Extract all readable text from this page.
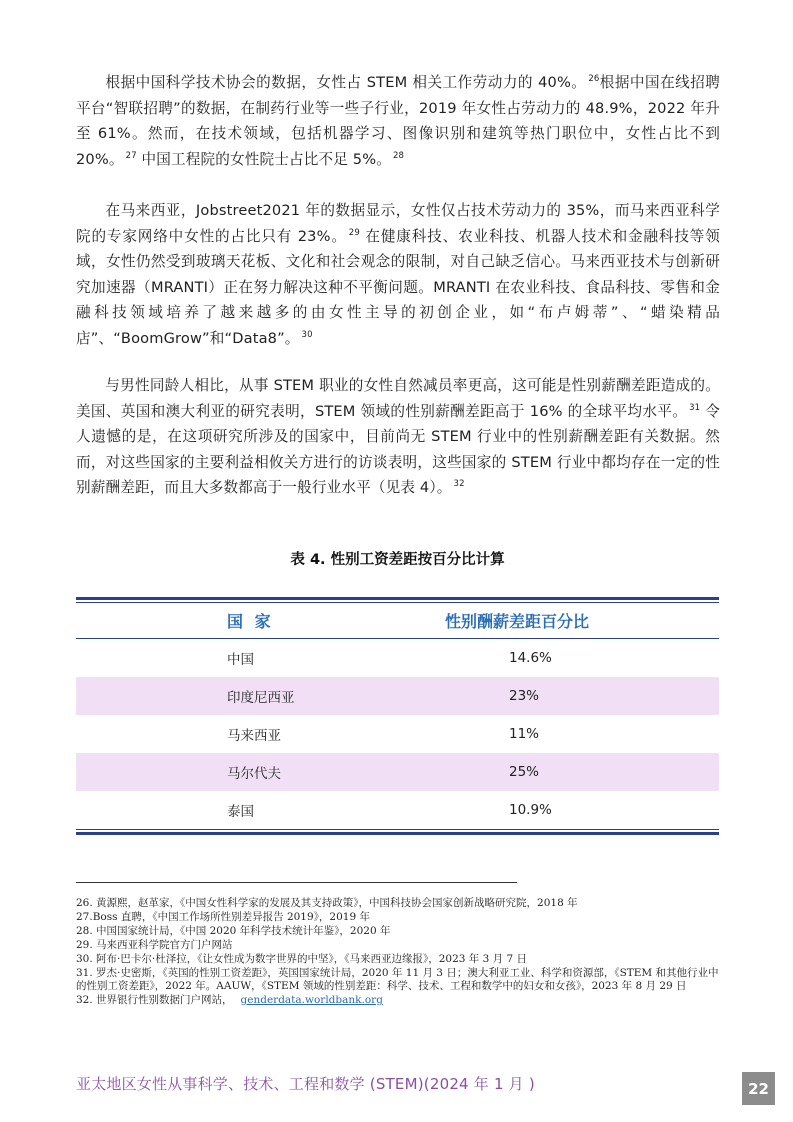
根据中国科学技术协会的数据，女性占 STEM 相关工作劳动力的 40%。 $^{26}$根据中国在线招聘平台“智联招聘”的数据，在制药行业等一些子行业，2019 年女性占劳动力的 48.9%，2022 年升至 61%。然而，在技术领域，包括机器学习、图像识别和建筑等热门职位中，女性占比不到 20%。 $^{27}$ 中国工程院的女性院士占比不足 5%。 $^{28}$

在马来西亚，Jobstreet2021 年的数据显示，女性仅占技术劳动力的 35%，而马来西亚科学院的专家网络中女性的占比只有 23%。 $^{29}$ 在健康科技、农业科技、机器人技术和金融科技等领域，女性仍然受到玻璃天花板、文化和社会观念的限制，对自己缺乏信心。马来西亚技术与创新研究加速器（MRANTI）正在努力解决这种不平衡问题。MRANTI 在农业科技、食品科技、零售和金融科技领域培养了越来越多的由女性主导的初创企业，如“布卢姆蒂”、“蜡染精品店”、“BoomGrow”和“Data8”。 $^{30}$

与男性同龄人相比，从事 STEM 职业的女性自然减员率更高，这可能是性别薪酬差距造成的。美国、英国和澳大利亚的研究表明，STEM 领域的性别薪酬差距高于 16% 的全球平均水平。 $^{31}$ 令人遗憾的是，在这项研究所涉及的国家中，目前尚无 STEM 行业中的性别薪酬差距有关数据。然而，对这些国家的主要利益相攸关方进行的访谈表明，这些国家的 STEM 行业中都均存在一定的性别薪酬差距，而且大多数都高于一般行业水平（见表 4）。 $^{32}$

表 4. 性别工资差距按百分比计算
国 家	性别酬薪差距百分比
中国	14.6%
印度尼西亚	23%
马来西亚	11%
马尔代夫	25%
泰国	10.9%

26. 黄源熙，赵革家，《中国女性科学家的发展及其支持政策》，中国科技协会国家创新战略研究院，2018 年

27.Boss 直聘，《中国工作场所性别差异报告 2019》，2019 年

28. 中国国家统计局，《中国 2020 年科学技术统计年鉴》，2020 年

29. 马来西亚科学院官方门户网站

30. 阿布·巴卡尔·杜泽拉，《让女性成为数字世界的中坚》，《马来西亚边缘报》，2023 年 3 月 7 日

31. 罗杰·史密斯，《英国的性别工资差距》，英国国家统计局，2020 年 11 月 3 日；澳大利亚工业、科学和资源部，《STEM 和其他行业中的性别工资差距》，2022 年。AAUW，《STEM 领域的性别差距：科学、技术、工程和数学中的妇女和女孩》，2023 年 8 月 29 日

32. 世界银行性别数据门户网站， genderdata.worldbank.org

亚太地区女性从事科学、技术、工程和数学 (STEM)(2024 年 1 月 )	22
